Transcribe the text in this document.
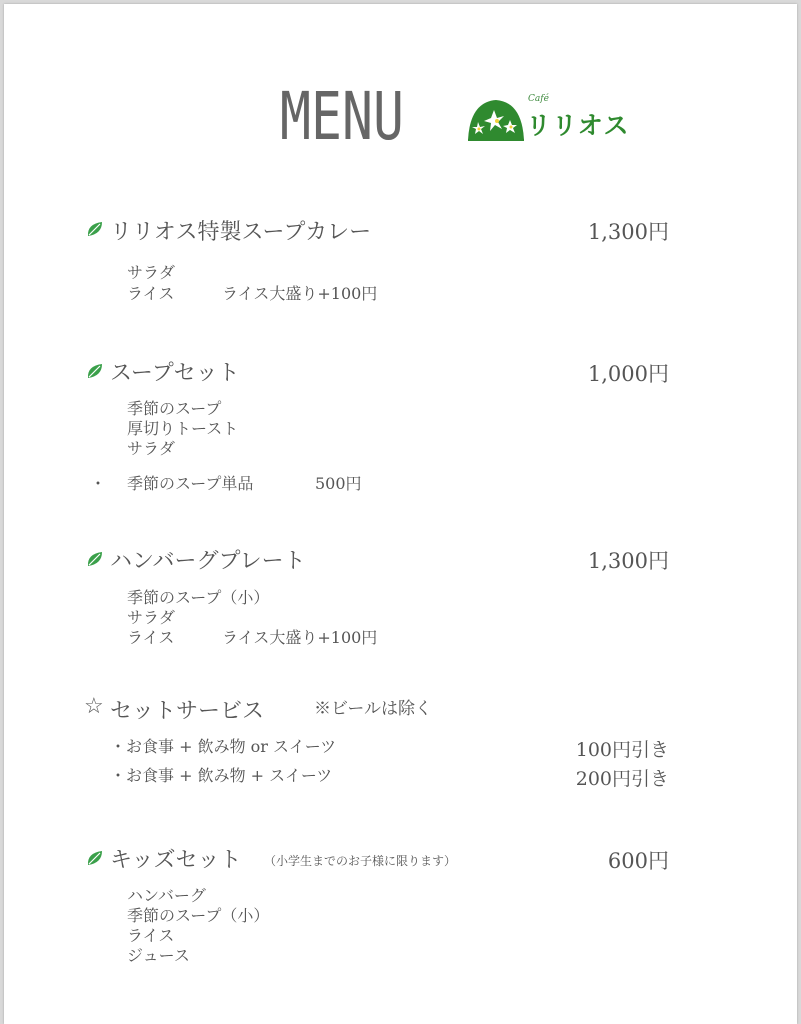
MENU	Café
リリオス
リリオス特製スープカレー	1,300円
サラダ
ライス	ライス大盛り+100円
スープセット	1,000円
季節のスープ
厚切りトースト
サラダ
・ 季節のスープ単品	500円
ハンバーグプレート	1,300円
季節のスープ（小）
サラダ
ライス	ライス大盛り+100円
☆ セットサービス	※ビールは除く
・お食事 + 飲み物 or スイーツ	100円引き
・お食事 + 飲み物 + スイーツ	200円引き
キッズセット （小学生までのお子様に限ります）	600円
ハンバーグ
季節のスープ（小）
ライス
ジュース
